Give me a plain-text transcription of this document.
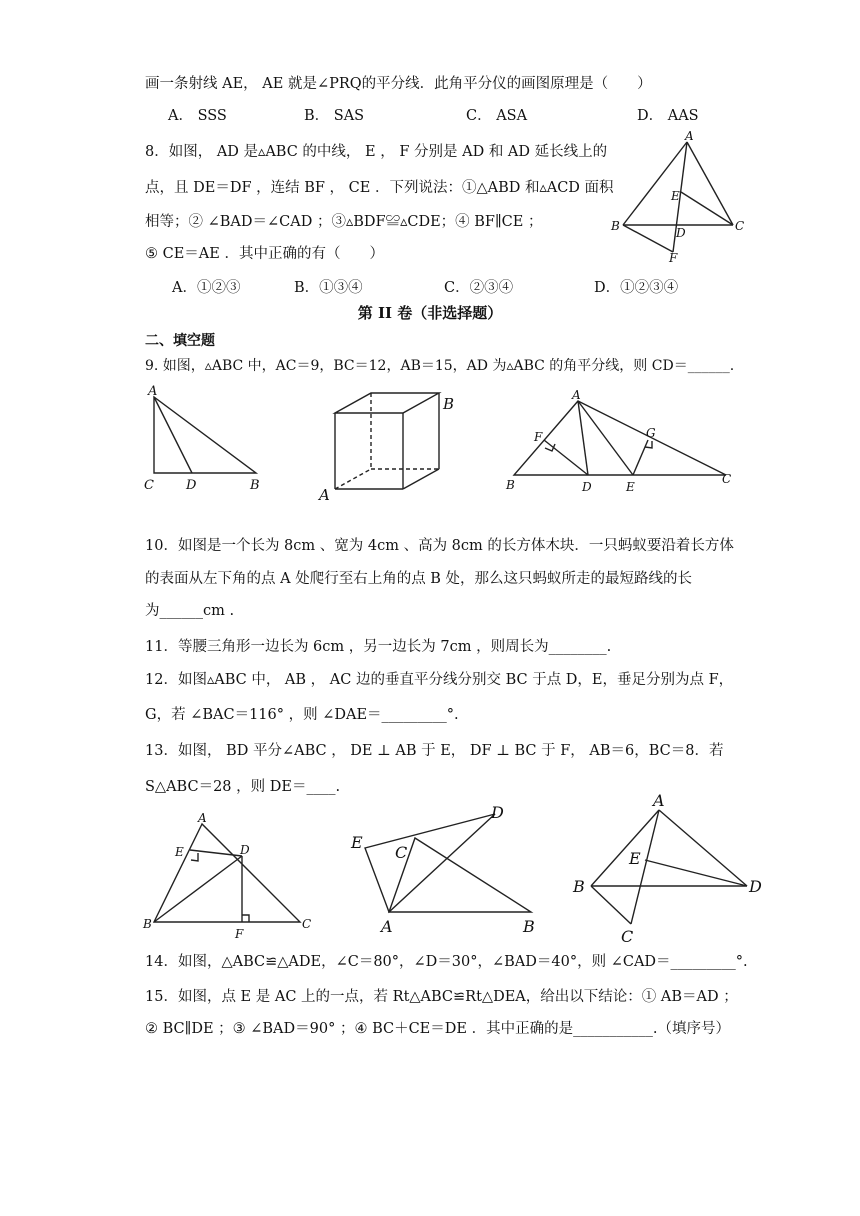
画一条射线 AE， AE 就是∠PRQ的平分线．此角平分仪的画图原理是（　　）
A． SSS	B． SAS	C． ASA	D． AAS
8．如图， AD 是▵ABC 的中线， E ， F 分别是 AD 和 AD 延长线上的
点，且 DE＝DF ，连结 BF ， CE ．下列说法：①△ABD 和▵ACD 面积
相等；② ∠BAD＝∠CAD ；③▵BDF≌▵CDE；④ BF∥CE ；
⑤ CE＝AE ．其中正确的有（　　）
A．①②③	B．①③④	C．②③④	D．①②③④
A
E
B	D	C
F
第 II 卷（非选择题）
二、填空题
9. 如图，▵ABC 中，AC＝9，BC＝12，AB＝15，AD 为▵ABC 的角平分线，则 CD＝______.
A
C D	B
B
A
A
F	G
B	D	E
C
10．如图是一个长为 8cm 、宽为 4cm 、高为 8cm 的长方体木块．一只蚂蚁要沿着长方体
的表面从左下角的点 A 处爬行至右上角的点 B 处，那么这只蚂蚁所走的最短路线的长
为______cm .
11．等腰三角形一边长为 6cm ，另一边长为 7cm ，则周长为________.
12．如图▵ABC 中， AB ， AC 边的垂直平分线分别交 BC 于点 D，E，垂足分别为点 F，
G，若 ∠BAC＝116° ，则 ∠DAE＝_________°.
13．如图， BD 平分∠ABC ， DE ⊥ AB 于 E， DF ⊥ BC 于 F， AB＝6，BC＝8．若
S△ABC＝28 ，则 DE＝____.
A
E	D
B
F
C
E
D
C
A	B
A
E
B	D
C
14．如图，△ABC≌△ADE，∠C＝80°，∠D＝30°，∠BAD＝40°，则 ∠CAD＝_________°.
15．如图，点 E 是 AC 上的一点，若 Rt△ABC≌Rt△DEA，给出以下结论：① AB＝AD ；
② BC∥DE ；③ ∠BAD＝90° ；④ BC＋CE＝DE ．其中正确的是___________.（填序号）
